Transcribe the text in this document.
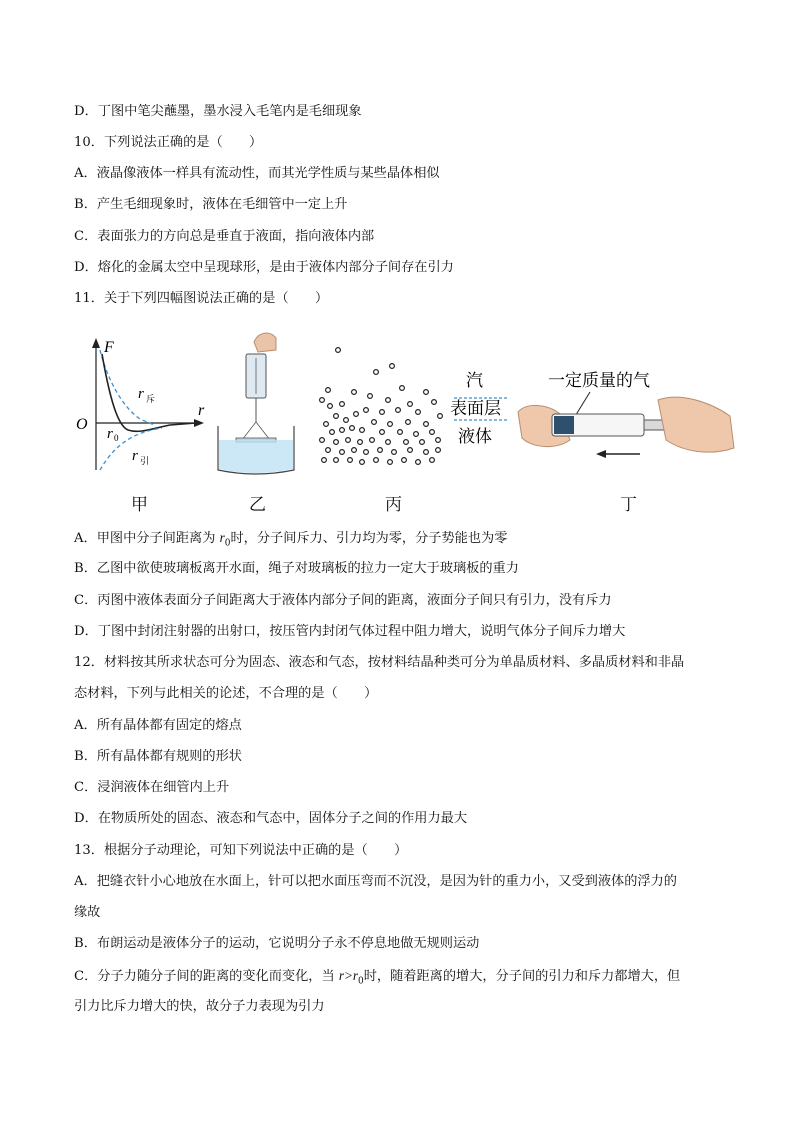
D．丁图中笔尖蘸墨，墨水浸入毛笔内是毛细现象
10．下列说法正确的是（　　）
A．液晶像液体一样具有流动性，而其光学性质与某些晶体相似
B．产生毛细现象时，液体在毛细管中一定上升
C．表面张力的方向总是垂直于液面，指向液体内部
D．熔化的金属太空中呈现球形，是由于液体内部分子间存在引力
11．关于下列四幅图说法正确的是（　　）
F
O
r
r 斥
r 0
r 引
汽
表面层
液体
一定质量的气
甲	乙	丙	丁
A．甲图中分子间距离为 $r_0$时，分子间斥力、引力均为零，分子势能也为零
B．乙图中欲使玻璃板离开水面，绳子对玻璃板的拉力一定大于玻璃板的重力
C．丙图中液体表面分子间距离大于液体内部分子间的距离，液面分子间只有引力，没有斥力
D．丁图中封闭注射器的出射口，按压管内封闭气体过程中阻力增大，说明气体分子间斥力增大
12．材料按其所求状态可分为固态、液态和气态，按材料结晶种类可分为单晶质材料、多晶质材料和非晶
态材料，下列与此相关的论述，不合理的是（　　）
A．所有晶体都有固定的熔点
B．所有晶体都有规则的形状
C．浸润液体在细管内上升
D．在物质所处的固态、液态和气态中，固体分子之间的作用力最大
13．根据分子动理论，可知下列说法中正确的是（　　）
A．把缝衣针小心地放在水面上，针可以把水面压弯而不沉没，是因为针的重力小，又受到液体的浮力的
缘故
B．布朗运动是液体分子的运动，它说明分子永不停息地做无规则运动
C．分子力随分子间的距离的变化而变化，当 $r>r_0$时，随着距离的增大，分子间的引力和斥力都增大，但
引力比斥力增大的快，故分子力表现为引力
